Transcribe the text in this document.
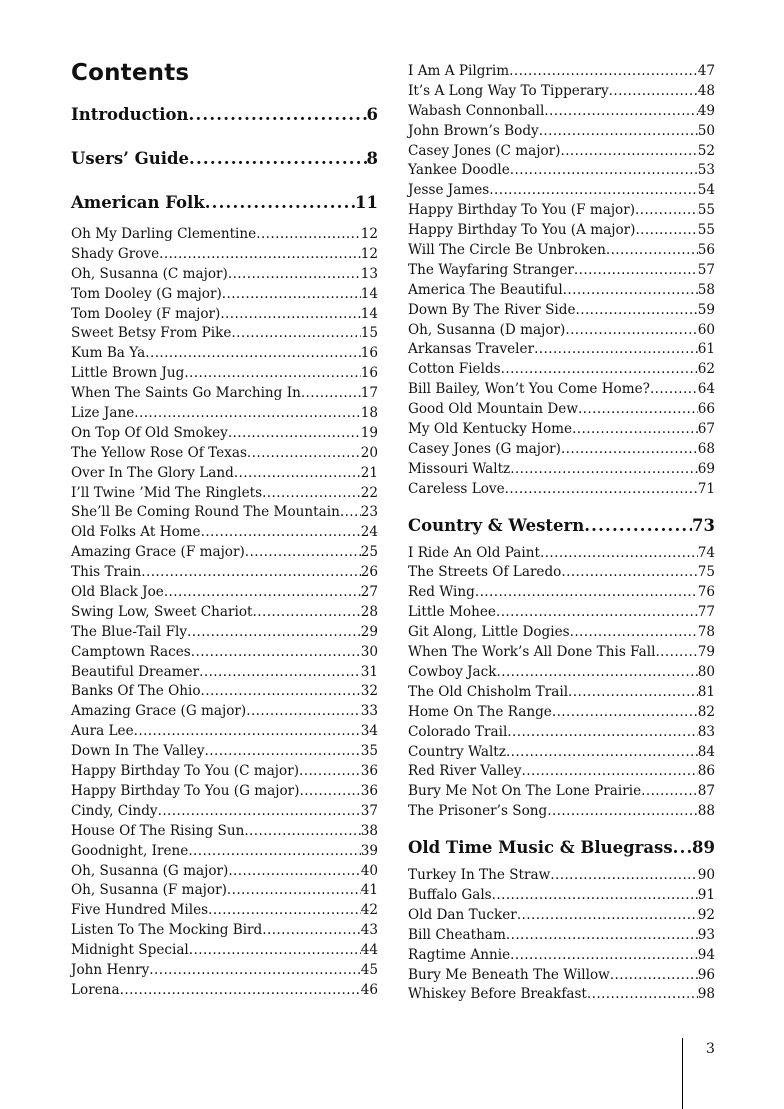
Contents
Introduction .....	6
Users’ Guide .....	8
American Folk .....	11
Oh My Darling Clementine .....	12
Shady Grove .....	12
Oh, Susanna (C major) .....	13
Tom Dooley (G major) .....	14
Tom Dooley (F major) .....	14
Sweet Betsy From Pike .....	15
Kum Ba Ya .....	16
Little Brown Jug .....	16
When The Saints Go Marching In .....	17
Lize Jane .....	18
On Top Of Old Smokey .....	19
The Yellow Rose Of Texas .....	20
Over In The Glory Land .....	21
I’ll Twine ’Mid The Ringlets .....	22
She’ll Be Coming Round The Mountain ..... 23
Old Folks At Home .....	24
Amazing Grace (F major) .....	25
This Train .....	26
Old Black Joe .....	27
Swing Low, Sweet Chariot .....	28
The Blue-Tail Fly .....	29
Camptown Races .....	30
Beautiful Dreamer .....	31
Banks Of The Ohio .....	32
Amazing Grace (G major) .....	33
Aura Lee .....	34
Down In The Valley .....	35
Happy Birthday To You (C major) .....	36
Happy Birthday To You (G major) .....	36
Cindy, Cindy .....	37
House Of The Rising Sun .....	38
Goodnight, Irene .....	39
Oh, Susanna (G major) .....	40
Oh, Susanna (F major) .....	41
Five Hundred Miles .....	42
Listen To The Mocking Bird .....	43
Midnight Special .....	44
John Henry .....	45
Lorena .....	46
I Am A Pilgrim .....	47
It’s A Long Way To Tipperary .....	48
Wabash Connonball .....	49
John Brown’s Body .....	50
Casey Jones (C major) .....	52
Yankee Doodle .....	53
Jesse James .....	54
Happy Birthday To You (F major) .....	55
Happy Birthday To You (A major) .....	55
Will The Circle Be Unbroken .....	56
The Wayfaring Stranger .....	57
America The Beautiful .....	58
Down By The River Side .....	59
Oh, Susanna (D major) .....	60
Arkansas Traveler .....	61
Cotton Fields .....	62
Bill Bailey, Won’t You Come Home? .....	64
Good Old Mountain Dew .....	66
My Old Kentucky Home .....	67
Casey Jones (G major) .....	68
Missouri Waltz .....	69
Careless Love .....	71
Country & Western .....	73
I Ride An Old Paint .....	74
The Streets Of Laredo .....	75
Red Wing .....	76
Little Mohee .....	77
Git Along, Little Dogies .....	78
When The Work’s All Done This Fall .....	79
Cowboy Jack .....	80
The Old Chisholm Trail .....	81
Home On The Range .....	82
Colorado Trail .....	83
Country Waltz .....	84
Red River Valley .....	86
Bury Me Not On The Lone Prairie .....	87
The Prisoner’s Song .....	88
Old Time Music & Bluegrass ..... 89
Turkey In The Straw .....	90
Buffalo Gals .....	91
Old Dan Tucker .....	92
Bill Cheatham .....	93
Ragtime Annie .....	94
Bury Me Beneath The Willow .....	96
Whiskey Before Breakfast .....	98
3
